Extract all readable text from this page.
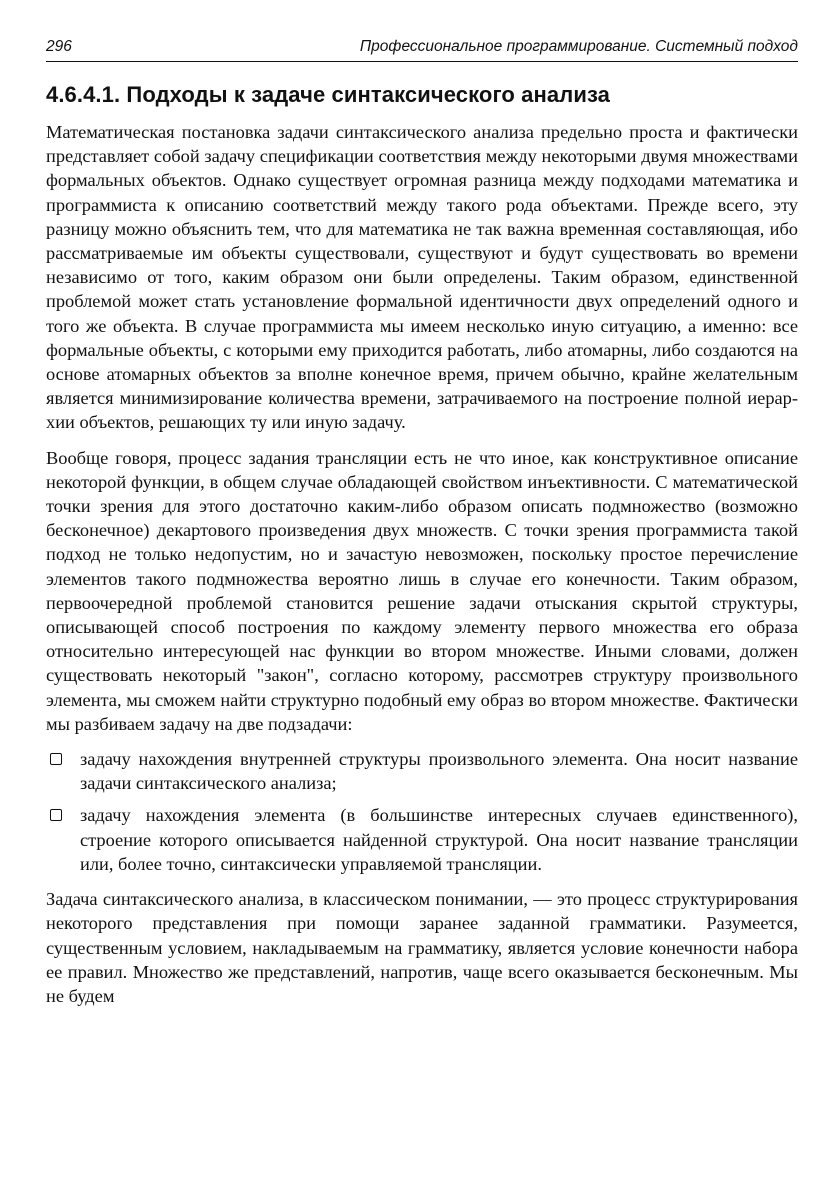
296	Профессиональное программирование. Системный подход
4.6.4.1. Подходы к задаче синтаксического анализа

Математическая постановка задачи синтаксического анализа предельно проста и фактически представляет собой задачу спецификации соответствия между некоторыми двумя множествами формальных объектов. Однако существует огромная разница между подходами математика и программиста к описанию соответствий между такого рода объектами. Прежде всего, эту разницу можно объяснить тем, что для математика не так важна временная составляющая, ибо рассматриваемые им объекты существовали, существуют и будут существовать во времени независимо от того, каким образом они были определены. Таким образом, единственной проблемой может стать установление формальной идентичности двух определений одного и того же объекта. В случае программиста мы имеем несколько иную ситуацию, а именно: все формальные объекты, с которыми ему приходится работать, либо атомарны, либо создаются на основе атомарных объектов за вполне конечное время, причем обычно, крайне желательным является минимизирование количества времени, затрачиваемого на построение полной иерархии объектов, решающих ту или иную задачу.

Вообще говоря, процесс задания трансляции есть не что иное, как конструктивное описание некоторой функции, в общем случае обладающей свойством инъективности. С математической точки зрения для этого достаточно каким-либо образом описать подмножество (возможно бесконечное) декартового произведения двух множеств. С точки зрения программиста такой подход не только недопустим, но и зачастую невозможен, поскольку простое перечисление элементов такого подмножества вероятно лишь в случае его конечности. Таким образом, первоочередной проблемой становится решение задачи отыскания скрытой структуры, описывающей способ построения по каждому элементу первого множества его образа относительно интересующей нас функции во втором множестве. Иными словами, должен существовать некоторый "закон", согласно которому, рассмотрев структуру произвольного элемента, мы сможем найти структурно подобный ему образ во втором множестве. Фактически мы разбиваем задачу на две подзадачи:

задачу нахождения внутренней структуры произвольного элемента. Она носит название задачи синтаксического анализа;
задачу нахождения элемента (в большинстве интересных случаев единственного), строение которого описывается найденной структурой. Она носит название трансляции или, более точно, синтаксически управляемой трансляции.

Задача синтаксического анализа, в классическом понимании, — это процесс структурирования некоторого представления при помощи заранее заданной грамматики. Разумеется, существенным условием, накладываемым на грамматику, является условие конечности набора ее правил. Множество же представлений, напротив, чаще всего оказывается бесконечным. Мы не будем
